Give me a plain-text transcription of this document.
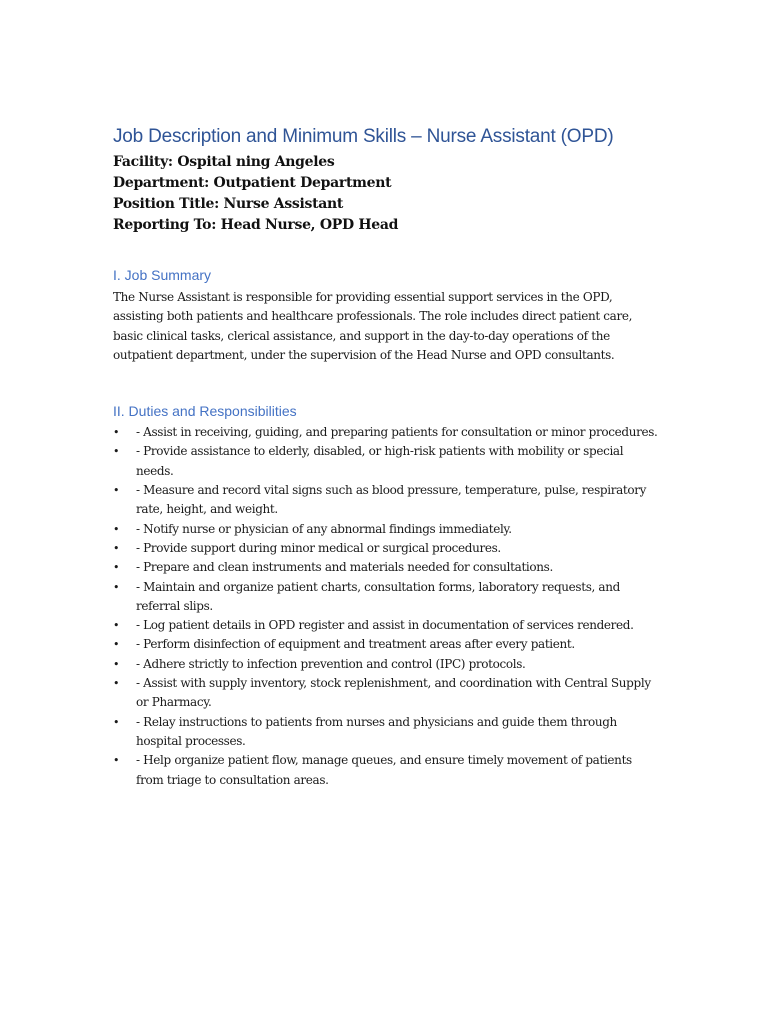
Job Description and Minimum Skills – Nurse Assistant (OPD)
Facility: Ospital ning Angeles
Department: Outpatient Department
Position Title: Nurse Assistant
Reporting To: Head Nurse, OPD Head
I. Job Summary

The Nurse Assistant is responsible for providing essential support services in the OPD, assisting both patients and healthcare professionals. The role includes direct patient care, basic clinical tasks, clerical assistance, and support in the day-to-day operations of the outpatient department, under the supervision of the Head Nurse and OPD consultants.

II. Duties and Responsibilities
•	- Assist in receiving, guiding, and preparing patients for consultation or minor procedures.
•	- Provide assistance to elderly, disabled, or high-risk patients with mobility or special needs.
•	- Measure and record vital signs such as blood pressure, temperature, pulse, respiratory rate, height, and weight.
•	- Notify nurse or physician of any abnormal findings immediately.
•	- Provide support during minor medical or surgical procedures.
•	- Prepare and clean instruments and materials needed for consultations.
•	- Maintain and organize patient charts, consultation forms, laboratory requests, and referral slips.
•	- Log patient details in OPD register and assist in documentation of services rendered.
•	- Perform disinfection of equipment and treatment areas after every patient.
•	- Adhere strictly to infection prevention and control (IPC) protocols.
•	- Assist with supply inventory, stock replenishment, and coordination with Central Supply or Pharmacy.
•	- Relay instructions to patients from nurses and physicians and guide them through hospital processes.
•	- Help organize patient flow, manage queues, and ensure timely movement of patients from triage to consultation areas.
